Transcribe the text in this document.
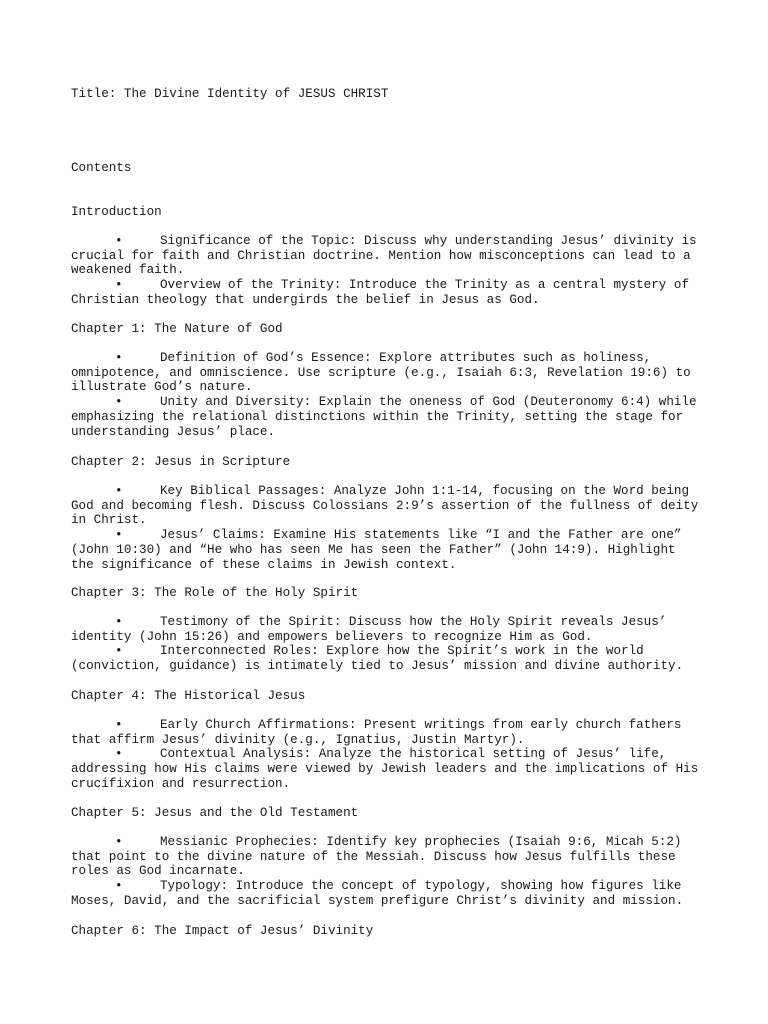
Title: The Divine Identity of JESUS CHRIST
Contents
Introduction
•	Significance of the Topic: Discuss why understanding Jesus’ divinity is
crucial for faith and Christian doctrine. Mention how misconceptions can lead to a
weakened faith.
•	Overview of the Trinity: Introduce the Trinity as a central mystery of
Christian theology that undergirds the belief in Jesus as God.
Chapter 1: The Nature of God
•	Definition of God’s Essence: Explore attributes such as holiness,
omnipotence, and omniscience. Use scripture (e.g., Isaiah 6:3, Revelation 19:6) to
illustrate God’s nature.
•	Unity and Diversity: Explain the oneness of God (Deuteronomy 6:4) while
emphasizing the relational distinctions within the Trinity, setting the stage for
understanding Jesus’ place.
Chapter 2: Jesus in Scripture
•	Key Biblical Passages: Analyze John 1:1-14, focusing on the Word being
God and becoming flesh. Discuss Colossians 2:9’s assertion of the fullness of deity
in Christ.
•	Jesus’ Claims: Examine His statements like “I and the Father are one”
(John 10:30) and “He who has seen Me has seen the Father” (John 14:9). Highlight
the significance of these claims in Jewish context.
Chapter 3: The Role of the Holy Spirit
•	Testimony of the Spirit: Discuss how the Holy Spirit reveals Jesus’
identity (John 15:26) and empowers believers to recognize Him as God.
•	Interconnected Roles: Explore how the Spirit’s work in the world
(conviction, guidance) is intimately tied to Jesus’ mission and divine authority.
Chapter 4: The Historical Jesus
•	Early Church Affirmations: Present writings from early church fathers
that affirm Jesus’ divinity (e.g., Ignatius, Justin Martyr).
•	Contextual Analysis: Analyze the historical setting of Jesus’ life,
addressing how His claims were viewed by Jewish leaders and the implications of His
crucifixion and resurrection.
Chapter 5: Jesus and the Old Testament
•	Messianic Prophecies: Identify key prophecies (Isaiah 9:6, Micah 5:2)
that point to the divine nature of the Messiah. Discuss how Jesus fulfills these
roles as God incarnate.
•	Typology: Introduce the concept of typology, showing how figures like
Moses, David, and the sacrificial system prefigure Christ’s divinity and mission.
Chapter 6: The Impact of Jesus’ Divinity
